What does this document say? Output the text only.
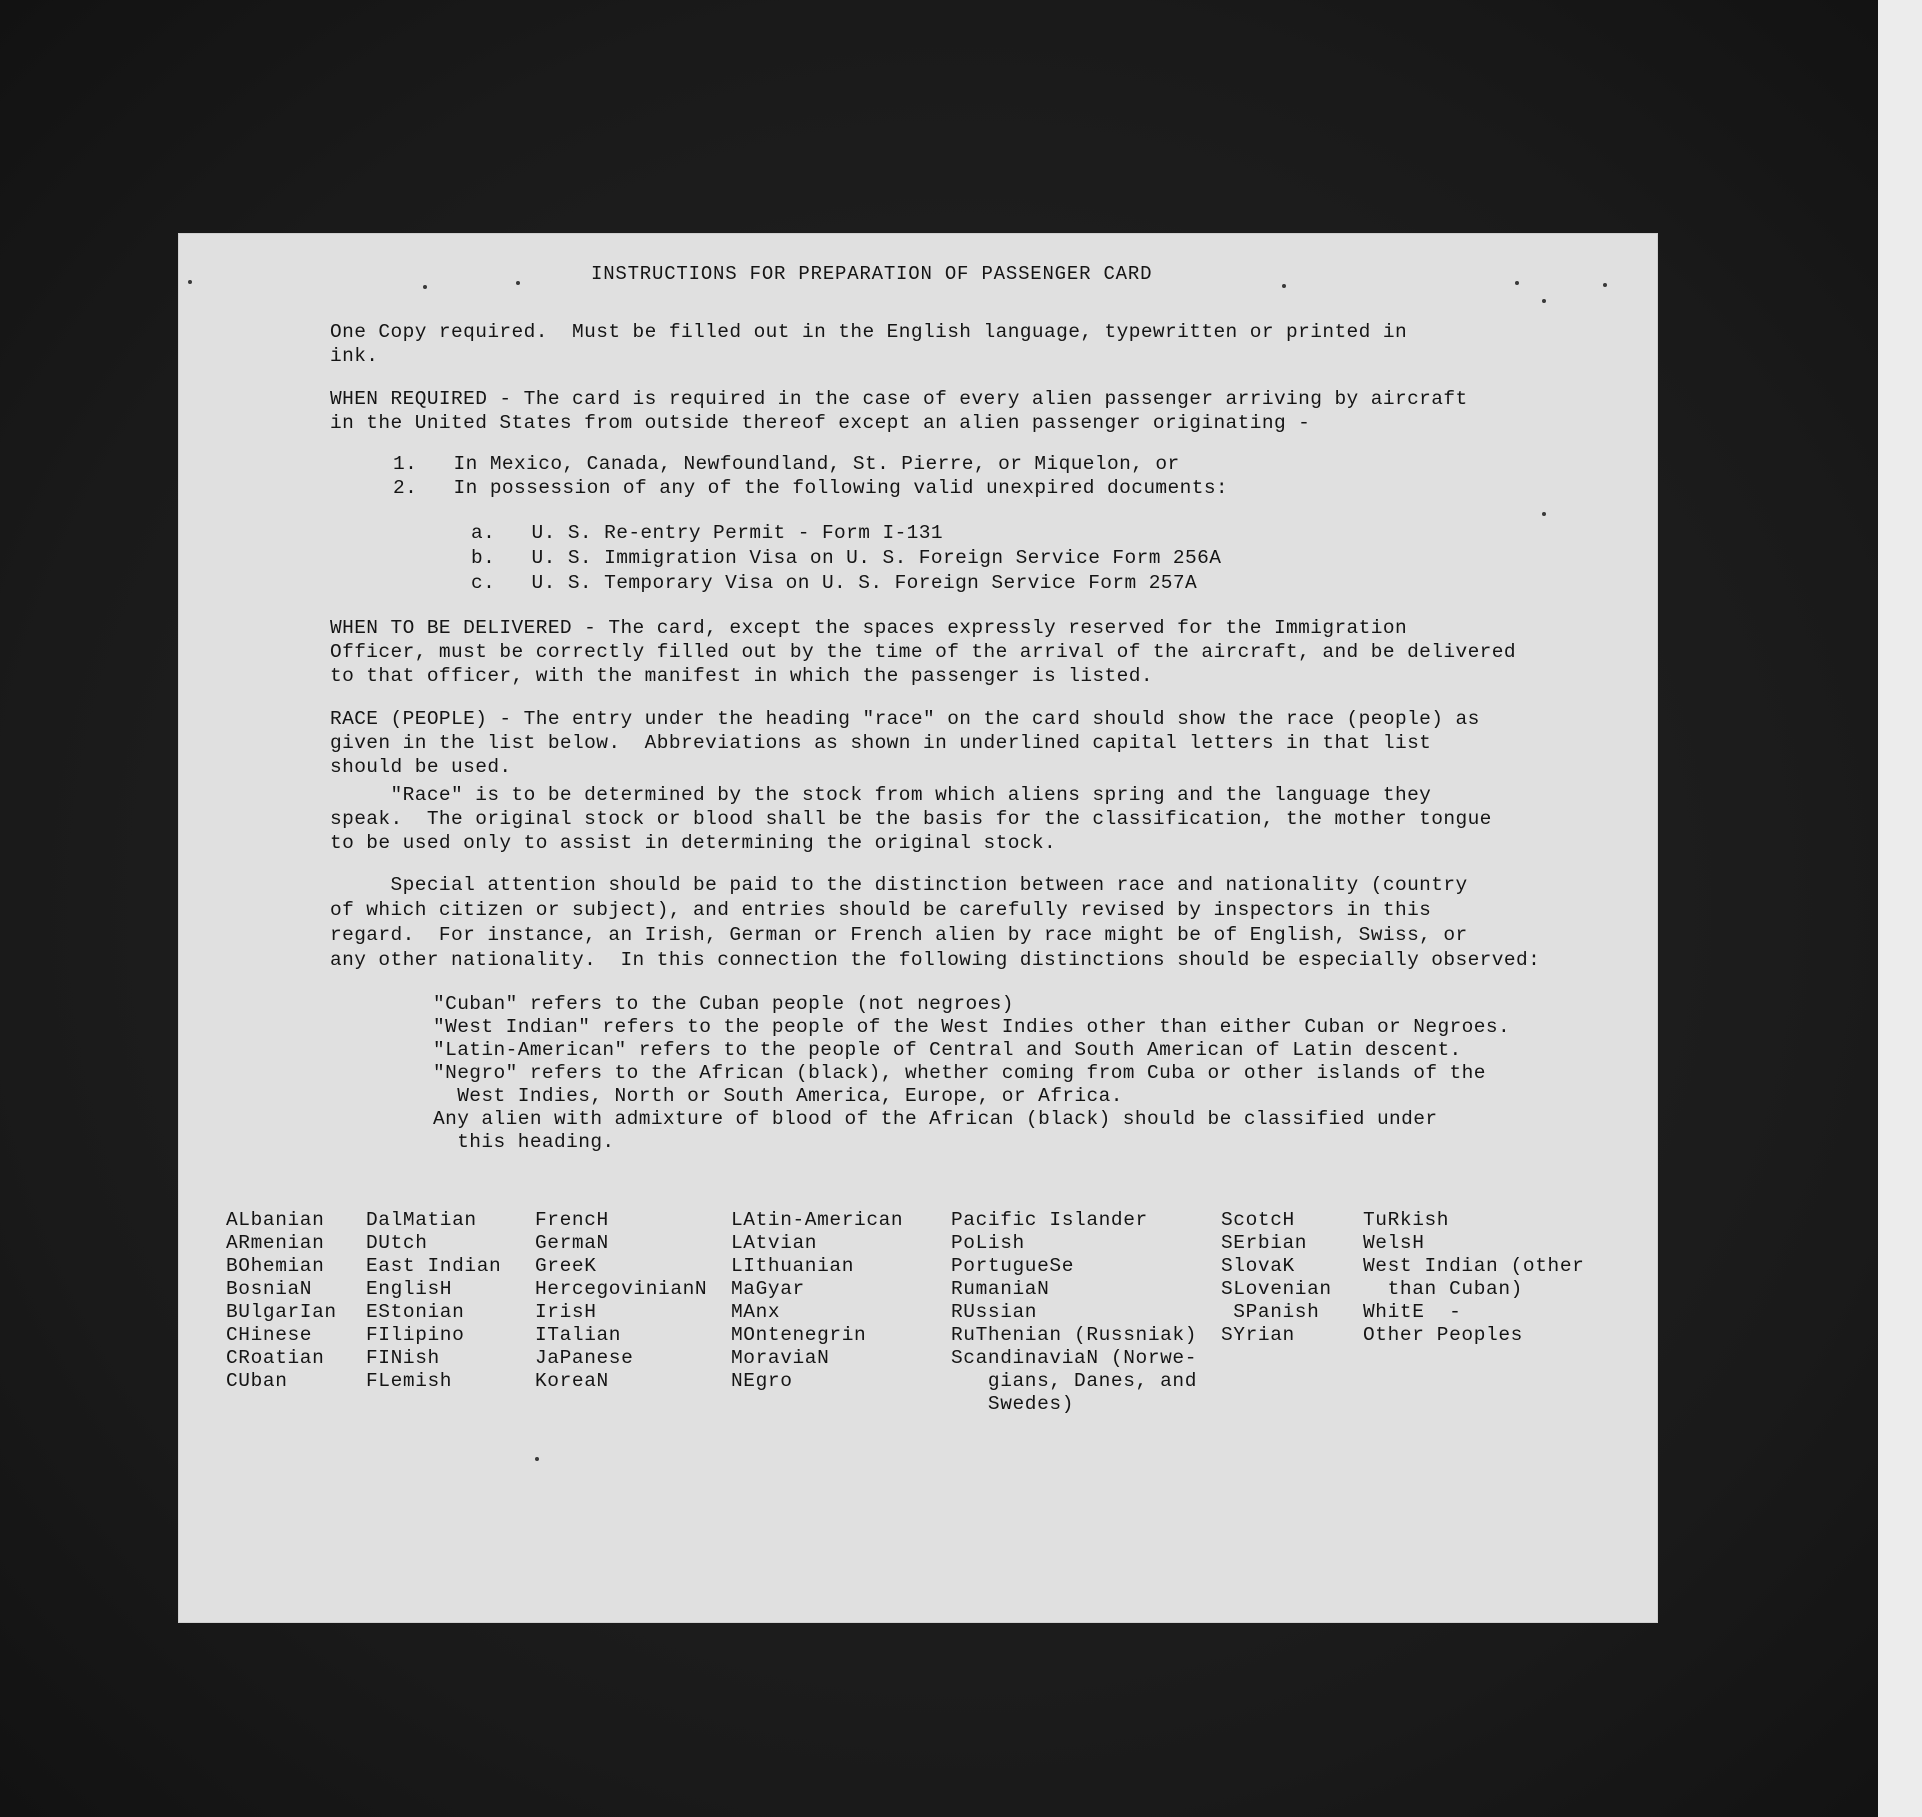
INSTRUCTIONS FOR PREPARATION OF PASSENGER CARD
One Copy required.  Must be filled out in the English language, typewritten or printed in
ink.
WHEN REQUIRED - The card is required in the case of every alien passenger arriving by aircraft
in the United States from outside thereof except an alien passenger originating -
1.   In Mexico, Canada, Newfoundland, St. Pierre, or Miquelon, or
2.   In possession of any of the following valid unexpired documents:
a.   U. S. Re-entry Permit - Form I-131
b.   U. S. Immigration Visa on U. S. Foreign Service Form 256A
c.   U. S. Temporary Visa on U. S. Foreign Service Form 257A
WHEN TO BE DELIVERED - The card, except the spaces expressly reserved for the Immigration
Officer, must be correctly filled out by the time of the arrival of the aircraft, and be delivered
to that officer, with the manifest in which the passenger is listed.
RACE (PEOPLE) - The entry under the heading "race" on the card should show the race (people) as
given in the list below.  Abbreviations as shown in underlined capital letters in that list
should be used.
"Race" is to be determined by the stock from which aliens spring and the language they
speak.  The original stock or blood shall be the basis for the classification, the mother tongue
to be used only to assist in determining the original stock.
Special attention should be paid to the distinction between race and nationality (country
of which citizen or subject), and entries should be carefully revised by inspectors in this
regard.  For instance, an Irish, German or French alien by race might be of English, Swiss, or
any other nationality.  In this connection the following distinctions should be especially observed:
"Cuban" refers to the Cuban people (not negroes)
"West Indian" refers to the people of the West Indies other than either Cuban or Negroes.
"Latin-American" refers to the people of Central and South American of Latin descent.
"Negro" refers to the African (black), whether coming from Cuba or other islands of the
West Indies, North or South America, Europe, or Africa.
Any alien with admixture of blood of the African (black) should be classified under
this heading.
ALbanian
ARmenian
BOhemian
BosniaN
BUlgarIan
CHinese
CRoatian
CUban
DalMatian
DUtch
East Indian
EnglisH
EStonian
FIlipino
FINish
FLemish
FrencH
GermaN
GreeK
HercegovinianN
IrisH
ITalian
JaPanese
KoreaN
LAtin-American
LAtvian
LIthuanian
MaGyar
MAnx
MOntenegrin
MoraviaN
NEgro
Pacific Islander
PoLish
PortugueSe
RumaniaN
RUssian
RuThenian (Russniak)
ScandinaviaN (Norwe-
gians, Danes, and
Swedes)
ScotcH
SErbian
SlovaK
SLovenian
SPanish
SYrian
TuRkish
WelsH
West Indian (other
than Cuban)
WhitE  -
Other Peoples
